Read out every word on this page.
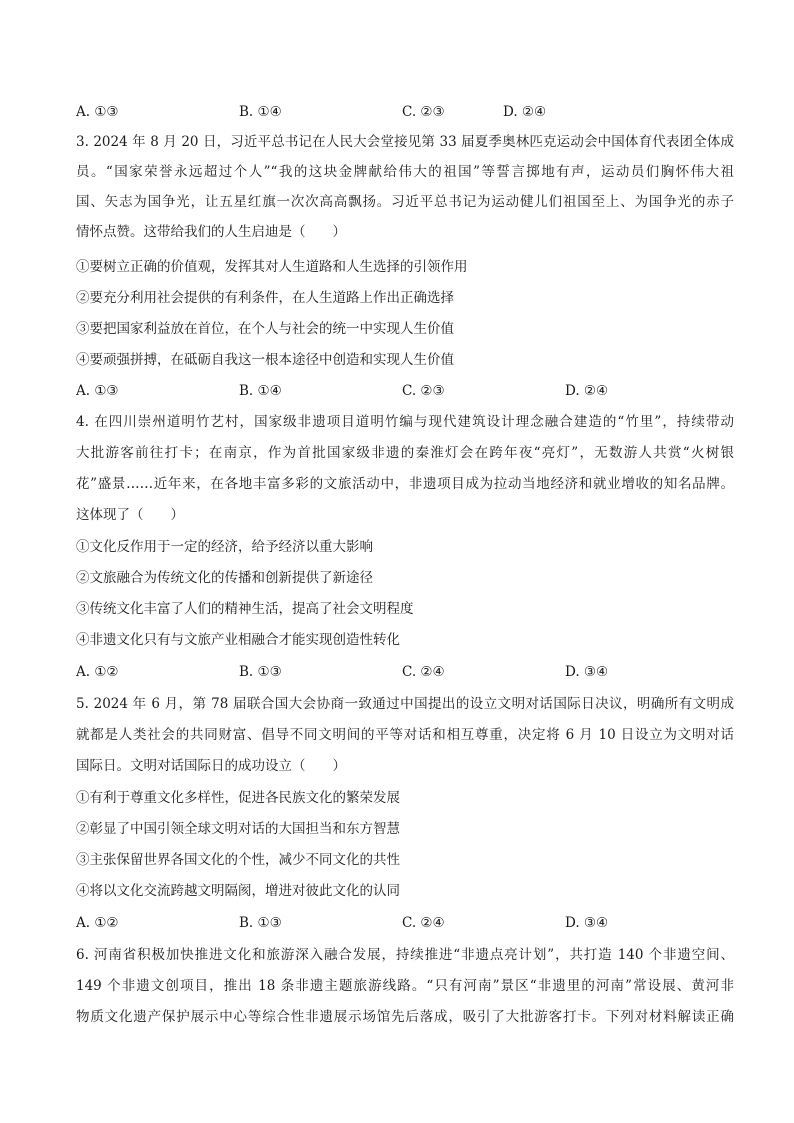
A. ①③	B. ①④	C. ②③	D. ②④
3. 2024 年 8 月 20 日，习近平总书记在人民大会堂接见第 33 届夏季奥林匹克运动会中国体育代表团全体成
员。“国家荣誉永远超过个人”“我的这块金牌献给伟大的祖国”等誓言掷地有声，运动员们胸怀伟大祖
国、矢志为国争光，让五星红旗一次次高高飘扬。习近平总书记为运动健儿们祖国至上、为国争光的赤子
情怀点赞。这带给我们的人生启迪是（　　）
①要树立正确的价值观，发挥其对人生道路和人生选择的引领作用
②要充分利用社会提供的有利条件，在人生道路上作出正确选择
③要把国家利益放在首位，在个人与社会的统一中实现人生价值
④要顽强拼搏，在砥砺自我这一根本途径中创造和实现人生价值
A. ①③	B. ①④	C. ②③	D. ②④
4. 在四川崇州道明竹艺村，国家级非遗项目道明竹编与现代建筑设计理念融合建造的“竹里”，持续带动
大批游客前往打卡；在南京，作为首批国家级非遗的秦淮灯会在跨年夜“亮灯”，无数游人共赏“火树银
花”盛景……近年来，在各地丰富多彩的文旅活动中，非遗项目成为拉动当地经济和就业增收的知名品牌。
这体现了（　　）
①文化反作用于一定的经济，给予经济以重大影响
②文旅融合为传统文化的传播和创新提供了新途径
③传统文化丰富了人们的精神生活，提高了社会文明程度
④非遗文化只有与文旅产业相融合才能实现创造性转化
A. ①②	B. ①③	C. ②④	D. ③④
5. 2024 年 6 月，第 78 届联合国大会协商一致通过中国提出的设立文明对话国际日决议，明确所有文明成
就都是人类社会的共同财富、倡导不同文明间的平等对话和相互尊重，决定将 6 月 10 日设立为文明对话
国际日。文明对话国际日的成功设立（　　）
①有利于尊重文化多样性，促进各民族文化的繁荣发展
②彰显了中国引领全球文明对话的大国担当和东方智慧
③主张保留世界各国文化的个性，减少不同文化的共性
④将以文化交流跨越文明隔阂，增进对彼此文化的认同
A. ①②	B. ①③	C. ②④	D. ③④
6. 河南省积极加快推进文化和旅游深入融合发展，持续推进“非遗点亮计划”，共打造 140 个非遗空间、
149 个非遗文创项目，推出 18 条非遗主题旅游线路。“只有河南”景区“非遗里的河南”常设展、黄河非
物质文化遗产保护展示中心等综合性非遗展示场馆先后落成，吸引了大批游客打卡。下列对材料解读正确
